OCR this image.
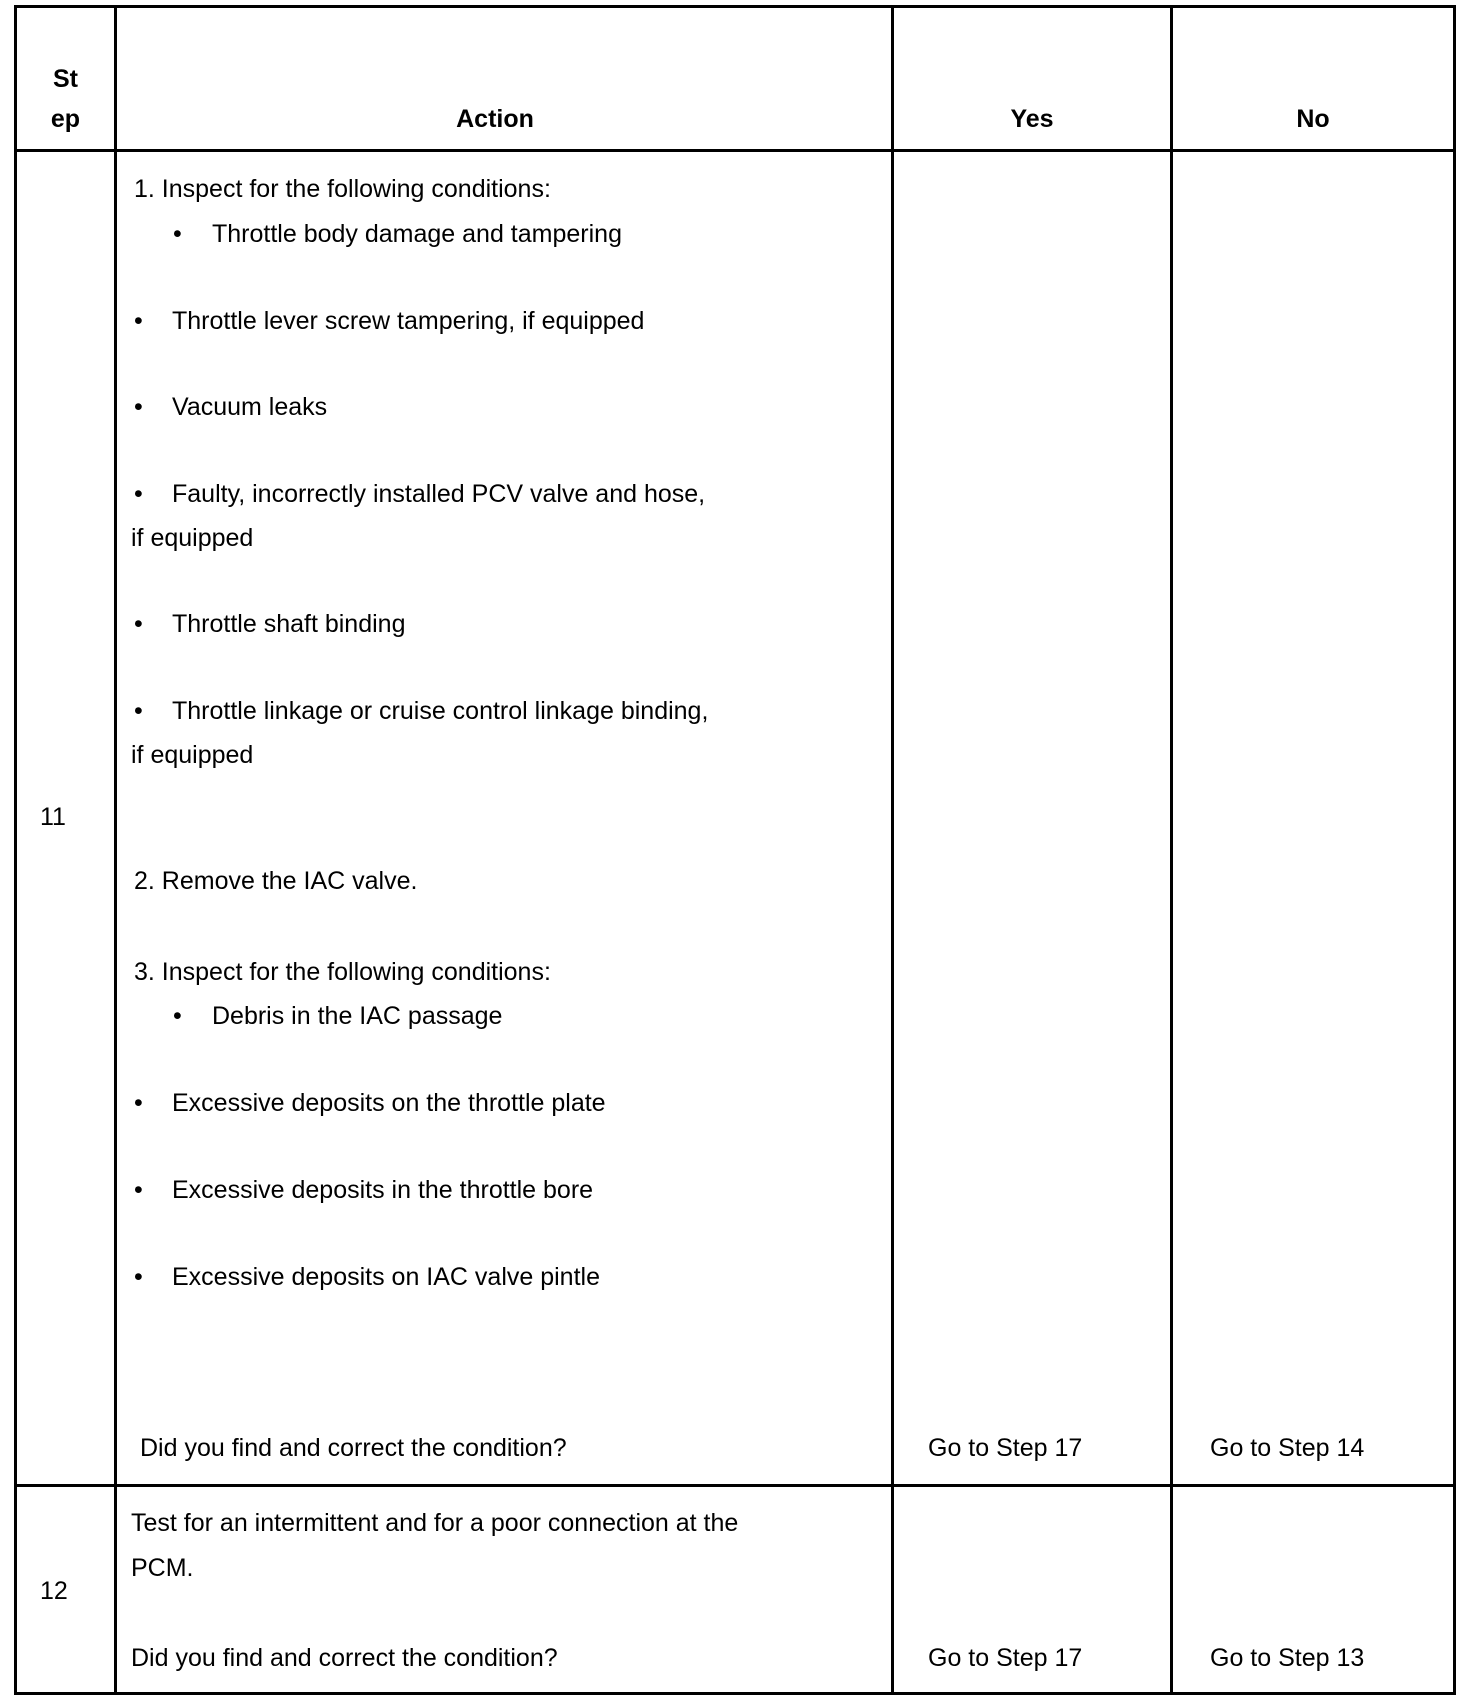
St
ep	Action	Yes	No
11
1. Inspect for the following conditions:
• Throttle body damage and tampering
• Throttle lever screw tampering, if equipped
• Vacuum leaks
• Faulty, incorrectly installed PCV valve and hose,
if equipped
• Throttle shaft binding
• Throttle linkage or cruise control linkage binding,
if equipped
2. Remove the IAC valve.
3. Inspect for the following conditions:
• Debris in the IAC passage
• Excessive deposits on the throttle plate
• Excessive deposits in the throttle bore
• Excessive deposits on IAC valve pintle
Did you find and correct the condition?	Go to Step 17	Go to Step 14
12
Test for an intermittent and for a poor connection at the
PCM.
Did you find and correct the condition?	Go to Step 17	Go to Step 13
